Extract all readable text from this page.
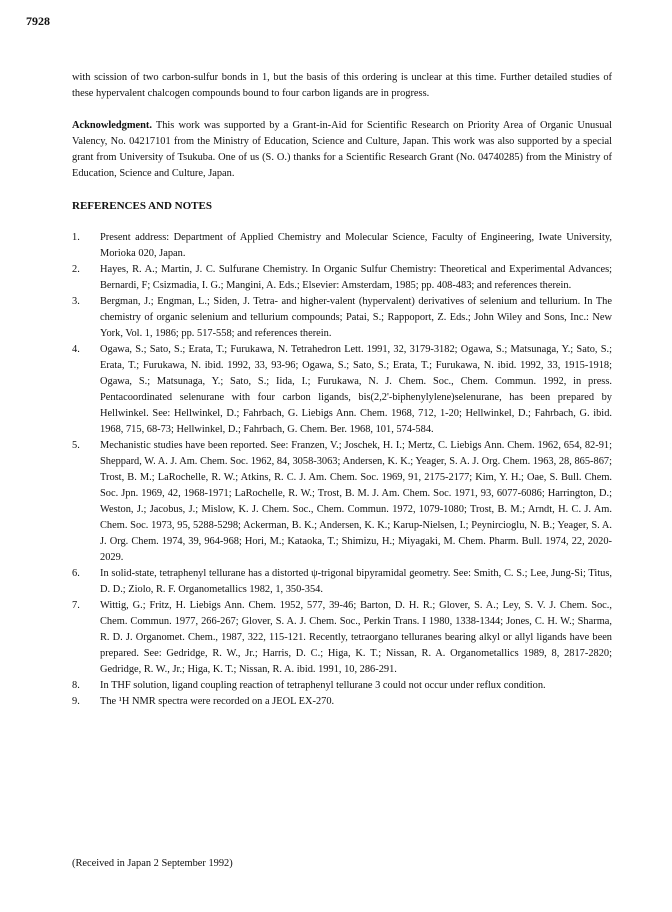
7928

with scission of two carbon-sulfur bonds in 1, but the basis of this ordering is unclear at this time. Further detailed studies of these hypervalent chalcogen compounds bound to four carbon ligands are in progress.

Acknowledgment. This work was supported by a Grant-in-Aid for Scientific Research on Priority Area of Organic Unusual Valency, No. 04217101 from the Ministry of Education, Science and Culture, Japan. This work was also supported by a special grant from University of Tsukuba. One of us (S. O.) thanks for a Scientific Research Grant (No. 04740285) from the Ministry of Education, Science and Culture, Japan.

REFERENCES AND NOTES

1.	Present address: Department of Applied Chemistry and Molecular Science, Faculty of Engineering, Iwate University, Morioka 020, Japan.
2.	Hayes, R. A.; Martin, J. C. Sulfurane Chemistry. In Organic Sulfur Chemistry: Theoretical and Experimental Advances; Bernardi, F; Csizmadia, I. G.; Mangini, A. Eds.; Elsevier: Amsterdam, 1985; pp. 408-483; and references therein.
3.	Bergman, J.; Engman, L.; Siden, J. Tetra- and higher-valent (hypervalent) derivatives of selenium and tellurium. In The chemistry of organic selenium and tellurium compounds; Patai, S.; Rappoport, Z. Eds.; John Wiley and Sons, Inc.: New York, Vol. 1, 1986; pp. 517-558; and references therein.
4.	Ogawa, S.; Sato, S.; Erata, T.; Furukawa, N. Tetrahedron Lett. 1991, 32, 3179-3182; Ogawa, S.; Matsunaga, Y.; Sato, S.; Erata, T.; Furukawa, N. ibid. 1992, 33, 93-96; Ogawa, S.; Sato, S.; Erata, T.; Furukawa, N. ibid. 1992, 33, 1915-1918; Ogawa, S.; Matsunaga, Y.; Sato, S.; Iida, I.; Furukawa, N. J. Chem. Soc., Chem. Commun. 1992, in press. Pentacoordinated selenurane with four carbon ligands, bis(2,2'-biphenylylene)selenurane, has been prepared by Hellwinkel. See: Hellwinkel, D.; Fahrbach, G. Liebigs Ann. Chem. 1968, 712, 1-20; Hellwinkel, D.; Fahrbach, G. ibid. 1968, 715, 68-73; Hellwinkel, D.; Fahrbach, G. Chem. Ber. 1968, 101, 574-584.
5.	Mechanistic studies have been reported. See: Franzen, V.; Joschek, H. I.; Mertz, C. Liebigs Ann. Chem. 1962, 654, 82-91; Sheppard, W. A. J. Am. Chem. Soc. 1962, 84, 3058-3063; Andersen, K. K.; Yeager, S. A. J. Org. Chem. 1963, 28, 865-867; Trost, B. M.; LaRochelle, R. W.; Atkins, R. C. J. Am. Chem. Soc. 1969, 91, 2175-2177; Kim, Y. H.; Oae, S. Bull. Chem. Soc. Jpn. 1969, 42, 1968-1971; LaRochelle, R. W.; Trost, B. M. J. Am. Chem. Soc. 1971, 93, 6077-6086; Harrington, D.; Weston, J.; Jacobus, J.; Mislow, K. J. Chem. Soc., Chem. Commun. 1972, 1079-1080; Trost, B. M.; Arndt, H. C. J. Am. Chem. Soc. 1973, 95, 5288-5298; Ackerman, B. K.; Andersen, K. K.; Karup-Nielsen, I.; Peynircioglu, N. B.; Yeager, S. A. J. Org. Chem. 1974, 39, 964-968; Hori, M.; Kataoka, T.; Shimizu, H.; Miyagaki, M. Chem. Pharm. Bull. 1974, 22, 2020-2029.
6.	In solid-state, tetraphenyl tellurane has a distorted ψ-trigonal bipyramidal geometry. See: Smith, C. S.; Lee, Jung-Si; Titus, D. D.; Ziolo, R. F. Organometallics 1982, 1, 350-354.
7.	Wittig, G.; Fritz, H. Liebigs Ann. Chem. 1952, 577, 39-46; Barton, D. H. R.; Glover, S. A.; Ley, S. V. J. Chem. Soc., Chem. Commun. 1977, 266-267; Glover, S. A. J. Chem. Soc., Perkin Trans. I 1980, 1338-1344; Jones, C. H. W.; Sharma, R. D. J. Organomet. Chem., 1987, 322, 115-121. Recently, tetraorgano telluranes bearing alkyl or allyl ligands have been prepared. See: Gedridge, R. W., Jr.; Harris, D. C.; Higa, K. T.; Nissan, R. A. Organometallics 1989, 8, 2817-2820; Gedridge, R. W., Jr.; Higa, K. T.; Nissan, R. A. ibid. 1991, 10, 286-291.
8.	In THF solution, ligand coupling reaction of tetraphenyl tellurane 3 could not occur under reflux condition.
9.	The ¹H NMR spectra were recorded on a JEOL EX-270.
(Received in Japan 2 September 1992)
